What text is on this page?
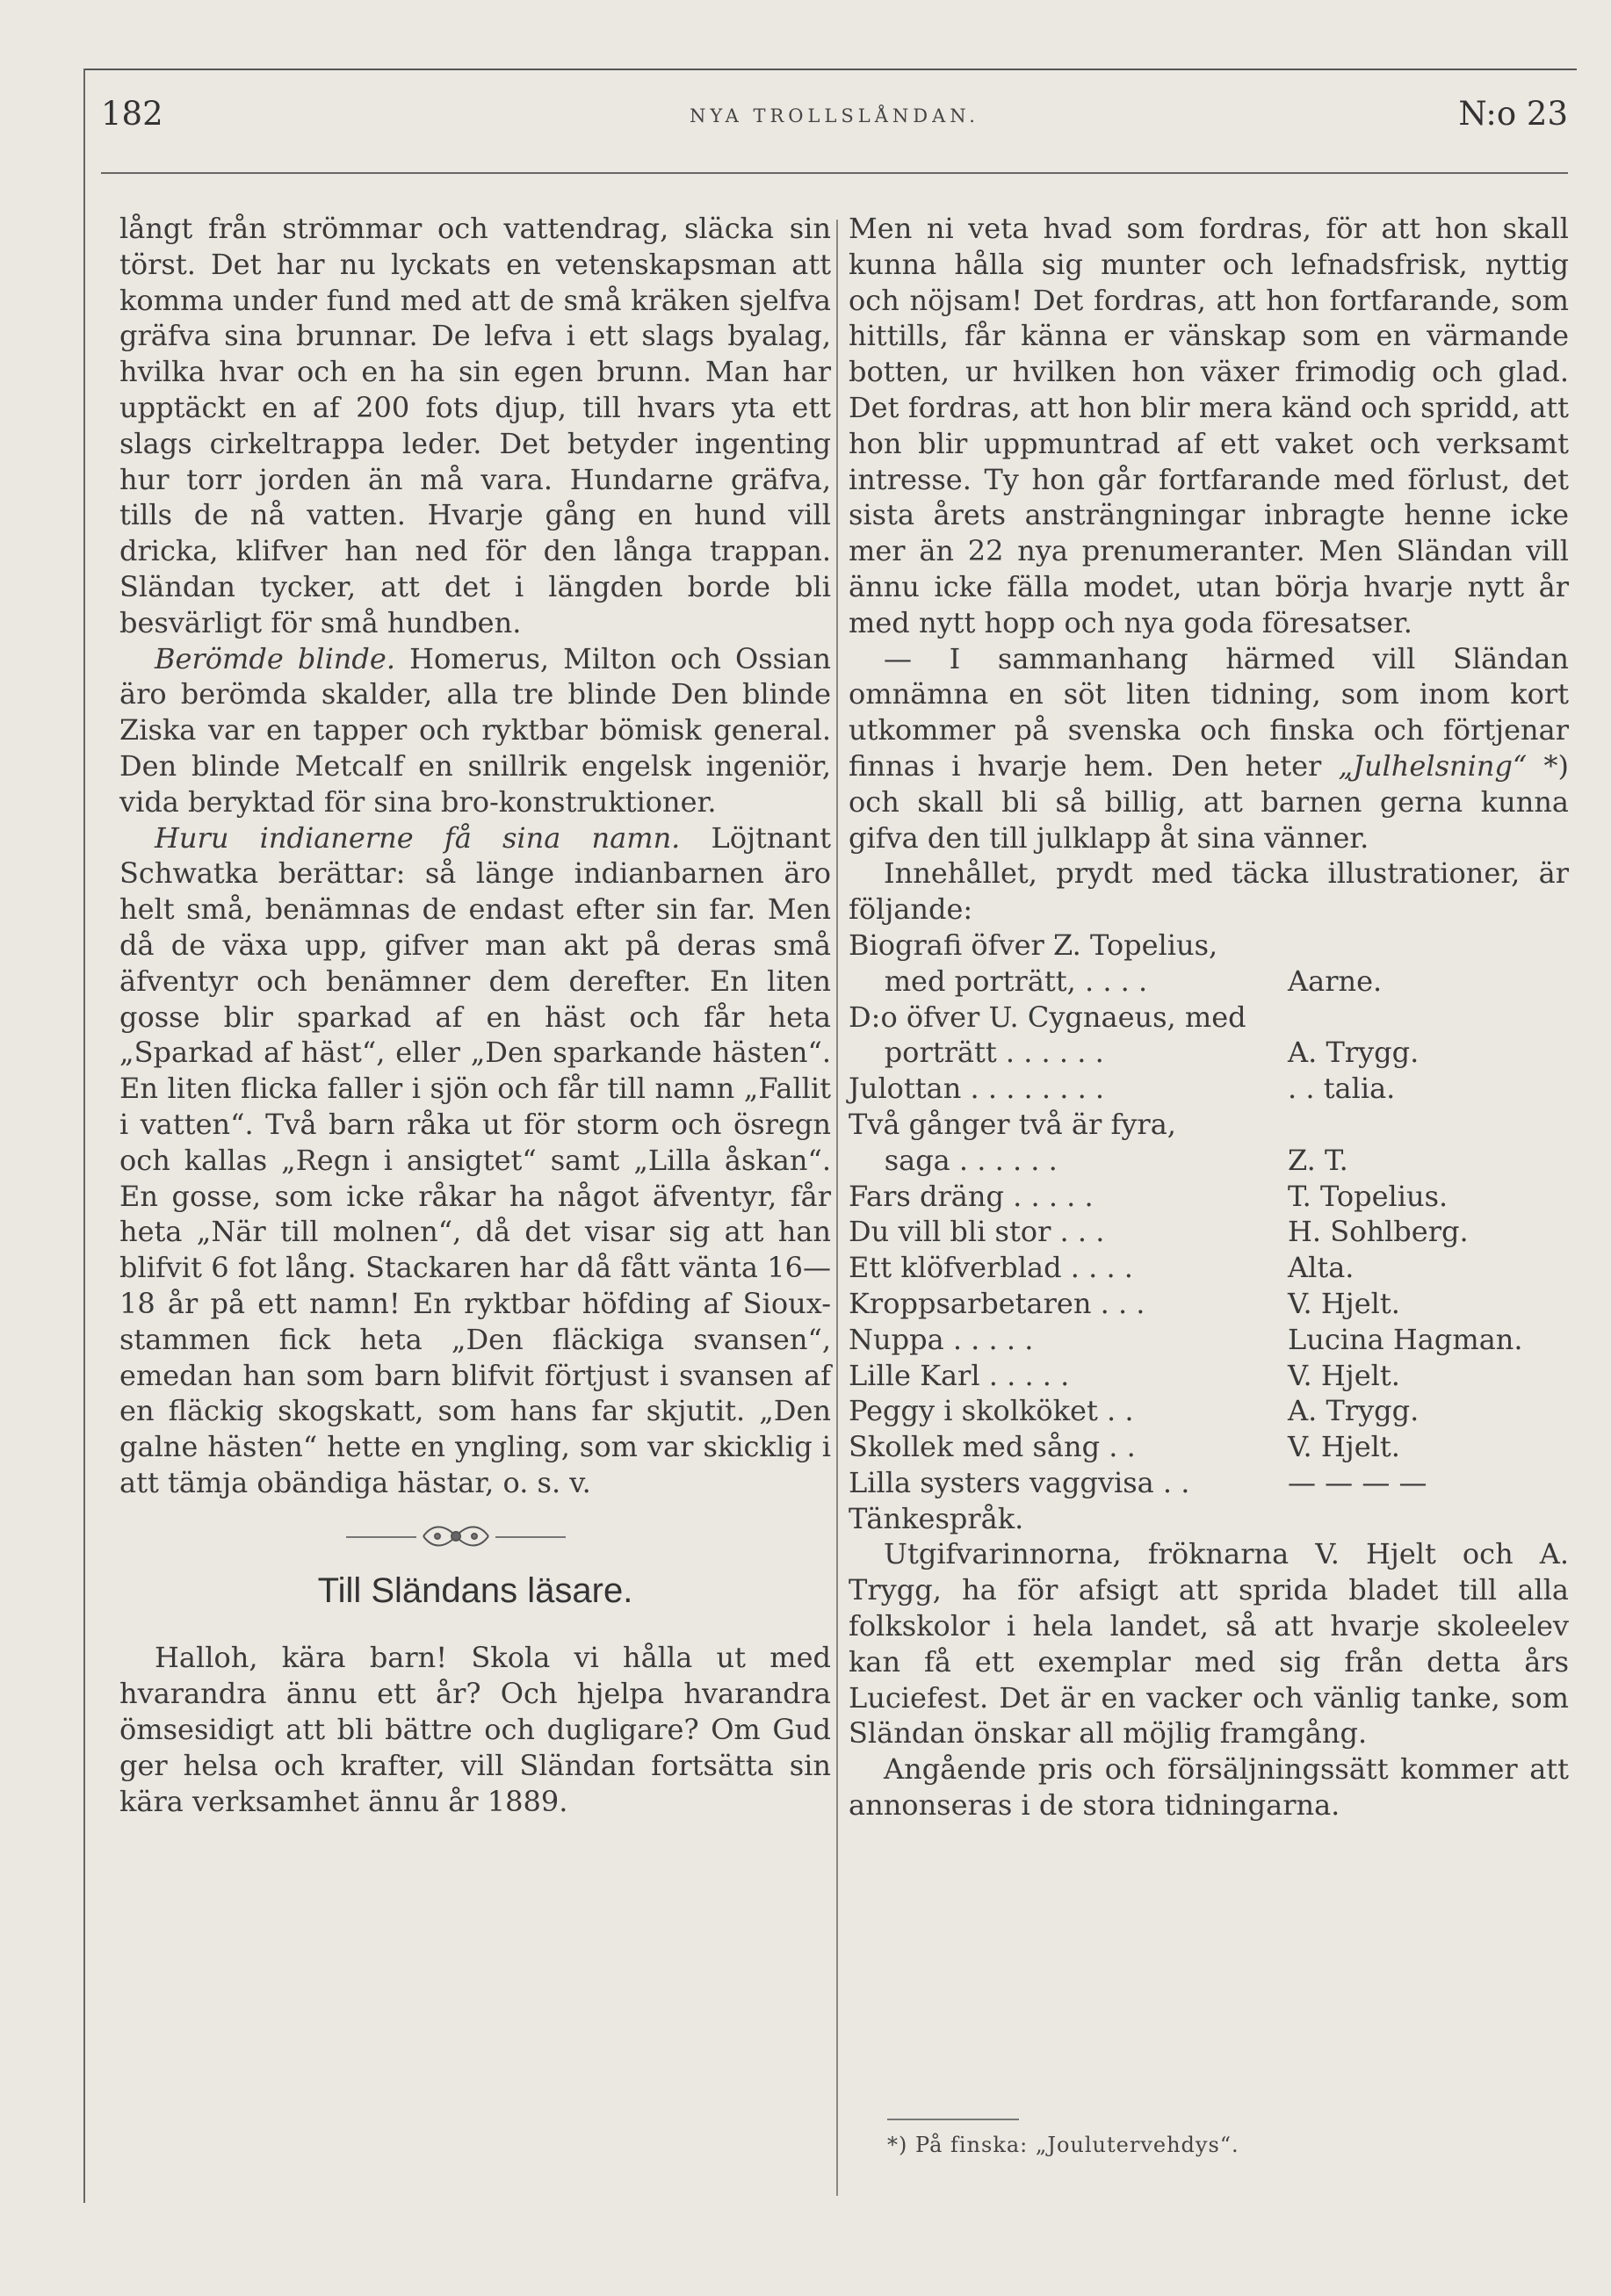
182	NYA TROLLSLÅNDAN.	N:o 23

långt från strömmar och vattendrag, släcka sin törst. Det har nu lyckats en vetenskapsman att komma under fund med att de små kräken sjelfva gräfva sina brunnar. De lefva i ett slags byalag, hvilka hvar och en ha sin egen brunn. Man har upptäckt en af 200 fots djup, till hvars yta ett slags cirkeltrappa leder. Det betyder ingenting hur torr jorden än må vara. Hundarne gräfva, tills de nå vatten. Hvarje gång en hund vill dricka, klifver han ned för den långa trappan. Sländan tycker, att det i längden borde bli besvärligt för små hundben.

Berömde blinde. Homerus, Milton och Ossian äro berömda skalder, alla tre blinde Den blinde Ziska var en tapper och ryktbar bömisk general. Den blinde Metcalf en snillrik engelsk ingeniör, vida beryktad för sina bro-konstruktioner.

Huru indianerne få sina namn. Löjtnant Schwatka berättar: så länge indianbarnen äro helt små, benämnas de endast efter sin far. Men då de växa upp, gifver man akt på deras små äfventyr och benämner dem derefter. En liten gosse blir sparkad af en häst och får heta „Sparkad af häst“, eller „Den sparkande hästen“. En liten flicka faller i sjön och får till namn „Fallit i vatten“. Två barn råka ut för storm och ösregn och kallas „Regn i ansigtet“ samt „Lilla åskan“. En gosse, som icke råkar ha något äfventyr, får heta „När till molnen“, då det visar sig att han blifvit 6 fot lång. Stackaren har då fått vänta 16—18 år på ett namn! En ryktbar höfding af Sioux-stammen fick heta „Den fläckiga svansen“, emedan han som barn blifvit förtjust i svansen af en fläckig skogskatt, som hans far skjutit. „Den galne hästen“ hette en yngling, som var skicklig i att tämja obändiga hästar, o. s. v.

Till Sländans läsare.

Halloh, kära barn! Skola vi hålla ut med hvarandra ännu ett år? Och hjelpa hvarandra ömsesidigt att bli bättre och dugligare? Om Gud ger helsa och krafter, vill Sländan fortsätta sin kära verksamhet ännu år 1889.

Men ni veta hvad som fordras, för att hon skall kunna hålla sig munter och lefnadsfrisk, nyttig och nöjsam! Det fordras, att hon fortfarande, som hittills, får känna er vänskap som en värmande botten, ur hvilken hon växer frimodig och glad. Det fordras, att hon blir mera känd och spridd, att hon blir uppmuntrad af ett vaket och verksamt intresse. Ty hon går fortfarande med förlust, det sista årets ansträngningar inbragte henne icke mer än 22 nya prenumeranter. Men Sländan vill ännu icke fälla modet, utan börja hvarje nytt år med nytt hopp och nya goda föresatser.

— I sammanhang härmed vill Sländan omnämna en söt liten tidning, som inom kort utkommer på svenska och finska och förtjenar finnas i hvarje hem. Den heter „Julhelsning“ *) och skall bli så billig, att barnen gerna kunna gifva den till julklapp åt sina vänner.

Innehållet, prydt med täcka illustrationer, är följande:

Biografi öfver Z. Topelius,
med porträtt, . . . .	Aarne.
D:o öfver U. Cygnaeus, med
porträtt . . . . . .	A. Trygg.
Julottan . . . . . . . .	. . talia.
Två gånger två är fyra,
saga . . . . . .	Z. T.
Fars dräng . . . . .	T. Topelius.
Du vill bli stor . . .	H. Sohlberg.
Ett klöfverblad . . . .	Alta.
Kroppsarbetaren . . .	V. Hjelt.
Nuppa . . . . .	Lucina Hagman.
Lille Karl . . . . .	V. Hjelt.
Peggy i skolköket . .	A. Trygg.
Skollek med sång . .	V. Hjelt.
Lilla systers vaggvisa . .	— — — —
Tänkespråk.

Utgifvarinnorna, fröknarna V. Hjelt och A. Trygg, ha för afsigt att sprida bladet till alla folkskolor i hela landet, så att hvarje skoleelev kan få ett exemplar med sig från detta års Luciefest. Det är en vacker och vänlig tanke, som Sländan önskar all möjlig framgång.

Angående pris och försäljningssätt kommer att annonseras i de stora tidningarna.

*) På finska: „Joulutervehdys“.
